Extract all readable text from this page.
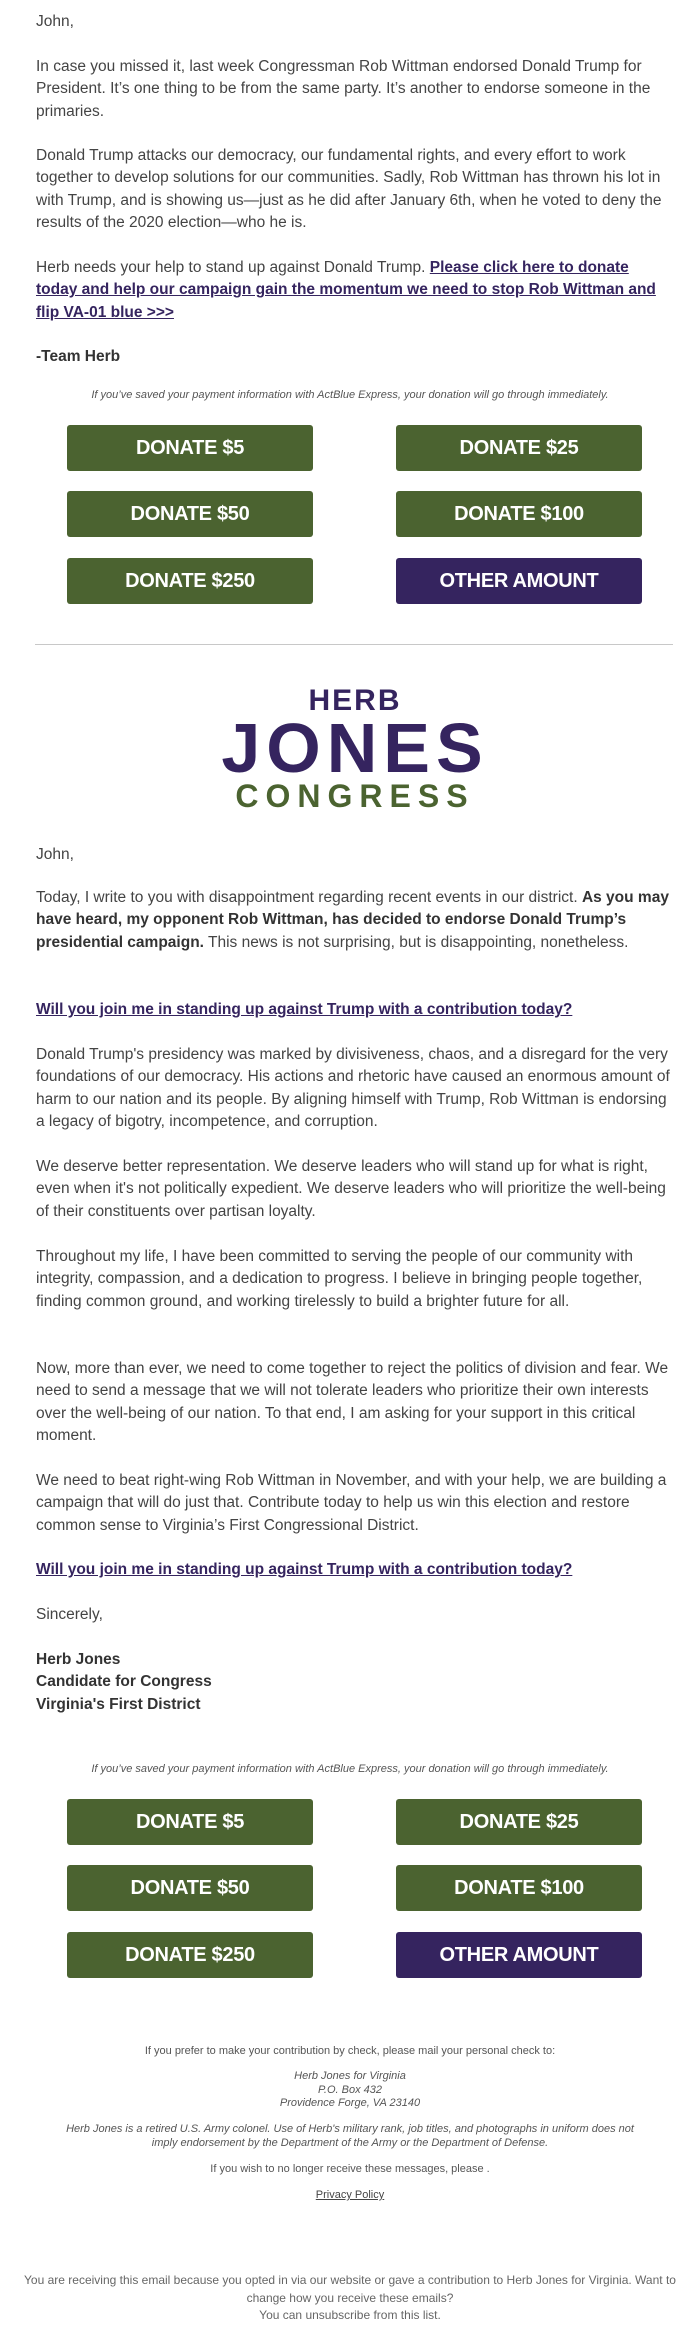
John,

In case you missed it, last week Congressman Rob Wittman endorsed Donald Trump for President. It’s one thing to be from the same party. It’s another to endorse someone in the primaries.

Donald Trump attacks our democracy, our fundamental rights, and every effort to work together to develop solutions for our communities. Sadly, Rob Wittman has thrown his lot in with Trump, and is showing us—just as he did after January 6th, when he voted to deny the results of the 2020 election—who he is.

Herb needs your help to stand up against Donald Trump. Please click here to donate today and help our campaign gain the momentum we need to stop Rob Wittman and flip VA-01 blue >>>

-Team Herb

If you’ve saved your payment information with ActBlue Express, your donation will go through immediately.
DONATE $5	DONATE $25
DONATE $50	DONATE $100
DONATE $250	OTHER AMOUNT
HERB
JONES
CONGRESS

John,

Today, I write to you with disappointment regarding recent events in our district. As you may have heard, my opponent Rob Wittman, has decided to endorse Donald Trump’s presidential campaign. This news is not surprising, but is disappointing, nonetheless.

Will you join me in standing up against Trump with a contribution today?

Donald Trump's presidency was marked by divisiveness, chaos, and a disregard for the very foundations of our democracy. His actions and rhetoric have caused an enormous amount of harm to our nation and its people. By aligning himself with Trump, Rob Wittman is endorsing a legacy of bigotry, incompetence, and corruption.

We deserve better representation. We deserve leaders who will stand up for what is right, even when it's not politically expedient. We deserve leaders who will prioritize the well-being of their constituents over partisan loyalty.

Throughout my life, I have been committed to serving the people of our community with integrity, compassion, and a dedication to progress. I believe in bringing people together, finding common ground, and working tirelessly to build a brighter future for all.

Now, more than ever, we need to come together to reject the politics of division and fear. We need to send a message that we will not tolerate leaders who prioritize their own interests over the well-being of our nation. To that end, I am asking for your support in this critical moment.

We need to beat right-wing Rob Wittman in November, and with your help, we are building a campaign that will do just that. Contribute today to help us win this election and restore common sense to Virginia’s First Congressional District.

Will you join me in standing up against Trump with a contribution today?

Sincerely,

Herb Jones
Candidate for Congress
Virginia's First District
If you’ve saved your payment information with ActBlue Express, your donation will go through immediately.
DONATE $5	DONATE $25
DONATE $50	DONATE $100
DONATE $250	OTHER AMOUNT
If you prefer to make your contribution by check, please mail your personal check to:
Herb Jones for Virginia
P.O. Box 432
Providence Forge, VA 23140
Herb Jones is a retired U.S. Army colonel. Use of Herb's military rank, job titles, and photographs in uniform does not imply endorsement by the Department of the Army or the Department of Defense.
If you wish to no longer receive these messages, please .
Privacy Policy
You are receiving this email because you opted in via our website or gave a contribution to Herb Jones for Virginia. Want to change how you receive these emails?
You can unsubscribe from this list.
